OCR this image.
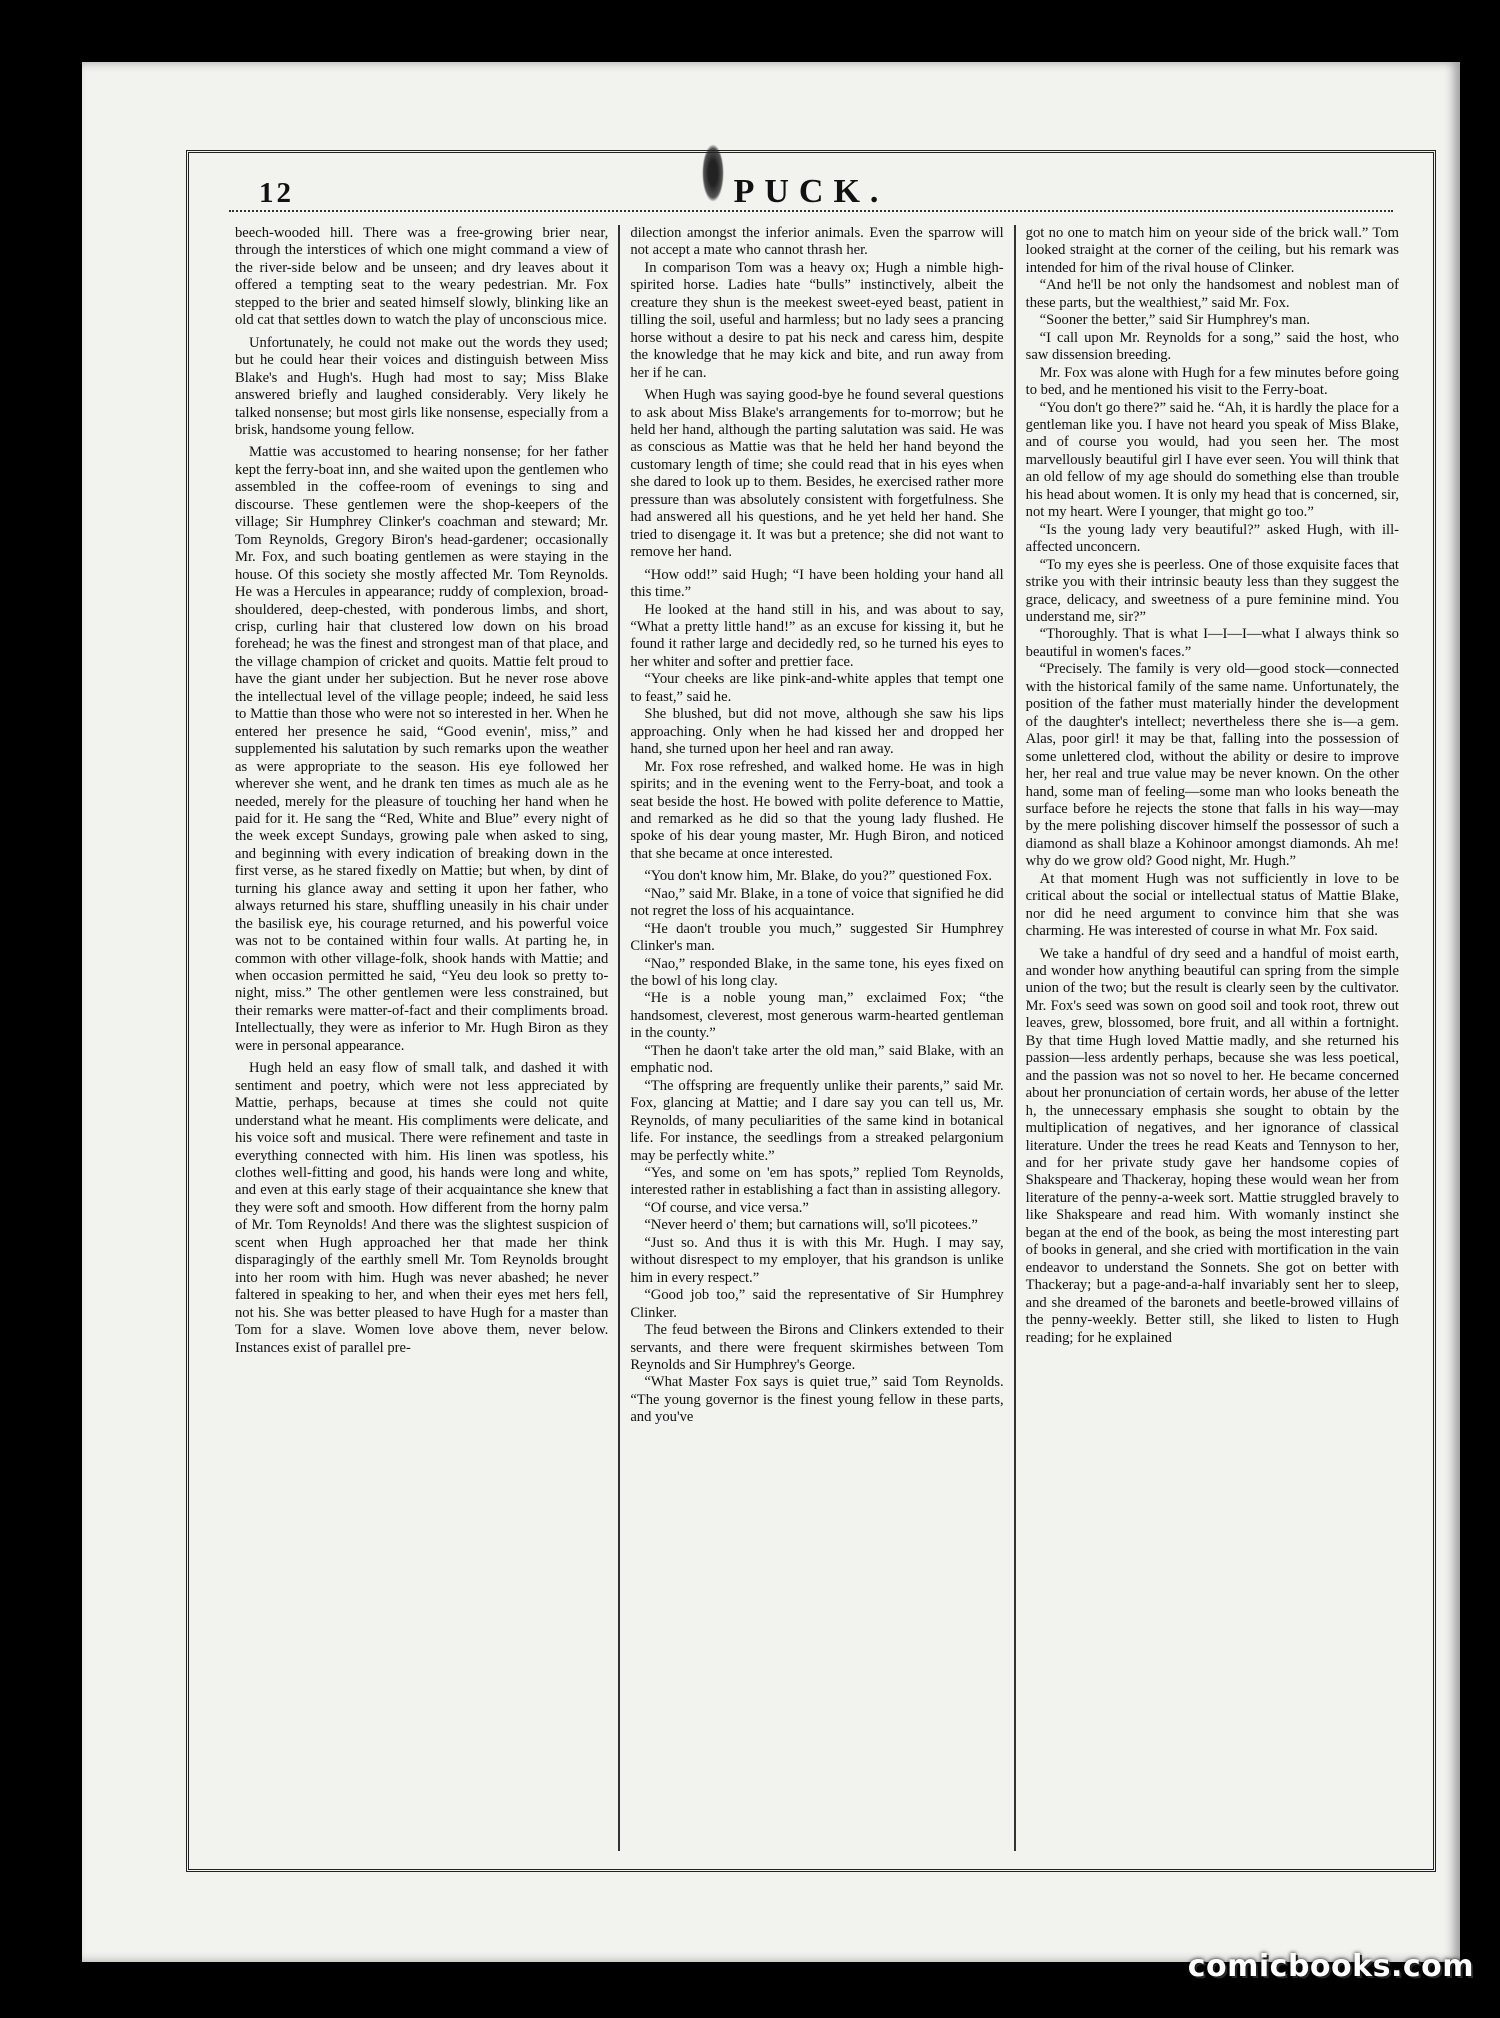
12	PUCK.

beech-wooded hill. There was a free-growing brier near, through the interstices of which one might command a view of the river-side below and be unseen; and dry leaves about it offered a tempting seat to the weary pedestrian. Mr. Fox stepped to the brier and seated himself slowly, blinking like an old cat that settles down to watch the play of unconscious mice.

Unfortunately, he could not make out the words they used; but he could hear their voices and distinguish between Miss Blake's and Hugh's. Hugh had most to say; Miss Blake answered briefly and laughed considerably. Very likely he talked nonsense; but most girls like nonsense, especially from a brisk, handsome young fellow.

Mattie was accustomed to hearing nonsense; for her father kept the ferry-boat inn, and she waited upon the gentlemen who assembled in the coffee-room of evenings to sing and discourse. These gentlemen were the shop-keepers of the village; Sir Humphrey Clinker's coachman and steward; Mr. Tom Reynolds, Gregory Biron's head-gardener; occasionally Mr. Fox, and such boating gentlemen as were staying in the house. Of this society she mostly affected Mr. Tom Reynolds. He was a Hercules in appearance; ruddy of complexion, broad-shouldered, deep-chested, with ponderous limbs, and short, crisp, curling hair that clustered low down on his broad forehead; he was the finest and strongest man of that place, and the village champion of cricket and quoits. Mattie felt proud to have the giant under her subjection. But he never rose above the intellectual level of the village people; indeed, he said less to Mattie than those who were not so interested in her. When he entered her presence he said, “Good evenin', miss,” and supplemented his salutation by such remarks upon the weather as were appropriate to the season. His eye followed her wherever she went, and he drank ten times as much ale as he needed, merely for the pleasure of touching her hand when he paid for it. He sang the “Red, White and Blue” every night of the week except Sundays, growing pale when asked to sing, and beginning with every indication of breaking down in the first verse, as he stared fixedly on Mattie; but when, by dint of turning his glance away and setting it upon her father, who always returned his stare, shuffling uneasily in his chair under the basilisk eye, his courage returned, and his powerful voice was not to be contained within four walls. At parting he, in common with other village-folk, shook hands with Mattie; and when occasion permitted he said, “Yeu deu look so pretty to-night, miss.” The other gentlemen were less constrained, but their remarks were matter-of-fact and their compliments broad. Intellectually, they were as inferior to Mr. Hugh Biron as they were in personal appearance.

Hugh held an easy flow of small talk, and dashed it with sentiment and poetry, which were not less appreciated by Mattie, perhaps, because at times she could not quite understand what he meant. His compliments were delicate, and his voice soft and musical. There were refinement and taste in everything connected with him. His linen was spotless, his clothes well-fitting and good, his hands were long and white, and even at this early stage of their acquaintance she knew that they were soft and smooth. How different from the horny palm of Mr. Tom Reynolds! And there was the slightest suspicion of scent when Hugh approached her that made her think disparagingly of the earthly smell Mr. Tom Reynolds brought into her room with him. Hugh was never abashed; he never faltered in speaking to her, and when their eyes met hers fell, not his. She was better pleased to have Hugh for a master than Tom for a slave. Women love above them, never below. Instances exist of parallel pre-

dilection amongst the inferior animals. Even the sparrow will not accept a mate who cannot thrash her.

In comparison Tom was a heavy ox; Hugh a nimble high-spirited horse. Ladies hate “bulls” instinctively, albeit the creature they shun is the meekest sweet-eyed beast, patient in tilling the soil, useful and harmless; but no lady sees a prancing horse without a desire to pat his neck and caress him, despite the knowledge that he may kick and bite, and run away from her if he can.

When Hugh was saying good-bye he found several questions to ask about Miss Blake's arrangements for to-morrow; but he held her hand, although the parting salutation was said. He was as conscious as Mattie was that he held her hand beyond the customary length of time; she could read that in his eyes when she dared to look up to them. Besides, he exercised rather more pressure than was absolutely consistent with forgetfulness. She had answered all his questions, and he yet held her hand. She tried to disengage it. It was but a pretence; she did not want to remove her hand.

“How odd!” said Hugh; “I have been holding your hand all this time.”

He looked at the hand still in his, and was about to say, “What a pretty little hand!” as an excuse for kissing it, but he found it rather large and decidedly red, so he turned his eyes to her whiter and softer and prettier face.

“Your cheeks are like pink-and-white apples that tempt one to feast,” said he.

She blushed, but did not move, although she saw his lips approaching. Only when he had kissed her and dropped her hand, she turned upon her heel and ran away.

Mr. Fox rose refreshed, and walked home. He was in high spirits; and in the evening went to the Ferry-boat, and took a seat beside the host. He bowed with polite deference to Mattie, and remarked as he did so that the young lady flushed. He spoke of his dear young master, Mr. Hugh Biron, and noticed that she became at once interested.

“You don't know him, Mr. Blake, do you?” questioned Fox.

“Nao,” said Mr. Blake, in a tone of voice that signified he did not regret the loss of his acquaintance.

“He daon't trouble you much,” suggested Sir Humphrey Clinker's man.

“Nao,” responded Blake, in the same tone, his eyes fixed on the bowl of his long clay.

“He is a noble young man,” exclaimed Fox; “the handsomest, cleverest, most generous warm-hearted gentleman in the county.”

“Then he daon't take arter the old man,” said Blake, with an emphatic nod.

“The offspring are frequently unlike their parents,” said Mr. Fox, glancing at Mattie; and I dare say you can tell us, Mr. Reynolds, of many peculiarities of the same kind in botanical life. For instance, the seedlings from a streaked pelargonium may be perfectly white.”

“Yes, and some on 'em has spots,” replied Tom Reynolds, interested rather in establishing a fact than in assisting allegory.

“Of course, and vice versa.”

“Never heerd o' them; but carnations will, so'll picotees.”

“Just so. And thus it is with this Mr. Hugh. I may say, without disrespect to my employer, that his grandson is unlike him in every respect.”

“Good job too,” said the representative of Sir Humphrey Clinker.

The feud between the Birons and Clinkers extended to their servants, and there were frequent skirmishes between Tom Reynolds and Sir Humphrey's George.

“What Master Fox says is quiet true,” said Tom Reynolds. “The young governor is the finest young fellow in these parts, and you've

got no one to match him on yeour side of the brick wall.” Tom looked straight at the corner of the ceiling, but his remark was intended for him of the rival house of Clinker.

“And he'll be not only the handsomest and noblest man of these parts, but the wealthiest,” said Mr. Fox.

“Sooner the better,” said Sir Humphrey's man.

“I call upon Mr. Reynolds for a song,” said the host, who saw dissension breeding.

Mr. Fox was alone with Hugh for a few minutes before going to bed, and he mentioned his visit to the Ferry-boat.

“You don't go there?” said he. “Ah, it is hardly the place for a gentleman like you. I have not heard you speak of Miss Blake, and of course you would, had you seen her. The most marvellously beautiful girl I have ever seen. You will think that an old fellow of my age should do something else than trouble his head about women. It is only my head that is concerned, sir, not my heart. Were I younger, that might go too.”

“Is the young lady very beautiful?” asked Hugh, with ill-affected unconcern.

“To my eyes she is peerless. One of those exquisite faces that strike you with their intrinsic beauty less than they suggest the grace, delicacy, and sweetness of a pure feminine mind. You understand me, sir?”

“Thoroughly. That is what I—I—I—what I always think so beautiful in women's faces.”

“Precisely. The family is very old—good stock—connected with the historical family of the same name. Unfortunately, the position of the father must materially hinder the development of the daughter's intellect; nevertheless there she is—a gem. Alas, poor girl! it may be that, falling into the possession of some unlettered clod, without the ability or desire to improve her, her real and true value may be never known. On the other hand, some man of feeling—some man who looks beneath the surface before he rejects the stone that falls in his way—may by the mere polishing discover himself the possessor of such a diamond as shall blaze a Kohinoor amongst diamonds. Ah me! why do we grow old? Good night, Mr. Hugh.”

At that moment Hugh was not sufficiently in love to be critical about the social or intellectual status of Mattie Blake, nor did he need argument to convince him that she was charming. He was interested of course in what Mr. Fox said.

We take a handful of dry seed and a handful of moist earth, and wonder how anything beautiful can spring from the simple union of the two; but the result is clearly seen by the cultivator. Mr. Fox's seed was sown on good soil and took root, threw out leaves, grew, blossomed, bore fruit, and all within a fortnight. By that time Hugh loved Mattie madly, and she returned his passion—less ardently perhaps, because she was less poetical, and the passion was not so novel to her. He became concerned about her pronunciation of certain words, her abuse of the letter h, the unnecessary emphasis she sought to obtain by the multiplication of negatives, and her ignorance of classical literature. Under the trees he read Keats and Tennyson to her, and for her private study gave her handsome copies of Shakspeare and Thackeray, hoping these would wean her from literature of the penny-a-week sort. Mattie struggled bravely to like Shakspeare and read him. With womanly instinct she began at the end of the book, as being the most interesting part of books in general, and she cried with mortification in the vain endeavor to understand the Sonnets. She got on better with Thackeray; but a page-and-a-half invariably sent her to sleep, and she dreamed of the baronets and beetle-browed villains of the penny-weekly. Better still, she liked to listen to Hugh reading; for he explained

comicbooks.com
